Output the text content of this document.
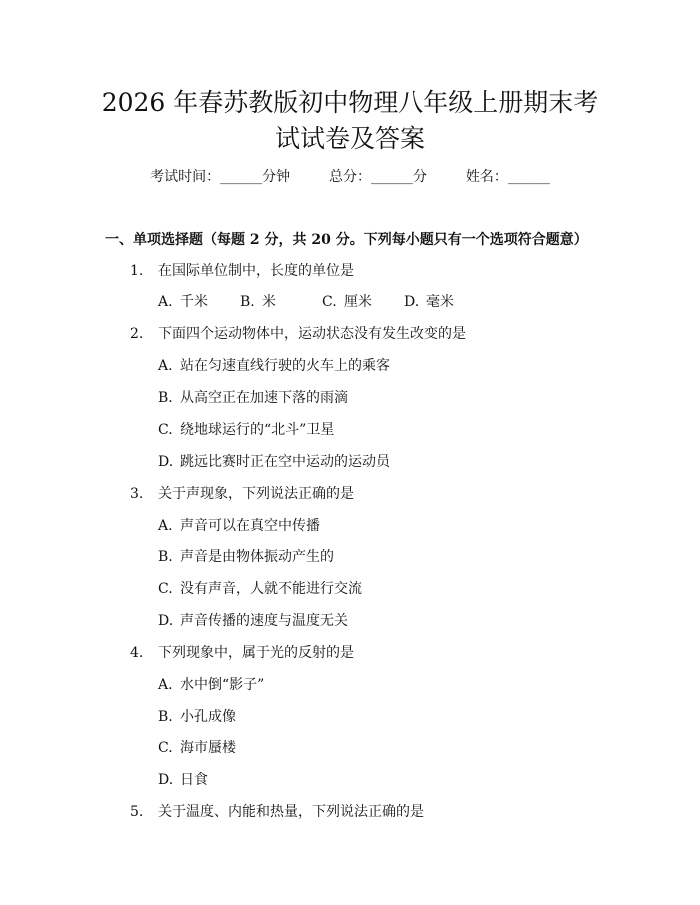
2026 年春苏教版初中物理八年级上册期末考
试试卷及答案
考试时间：______分钟	总分：______分	姓名：______
一、单项选择题（每题 2 分，共 20 分。下列每小题只有一个选项符合题意）
1. 在国际单位制中，长度的单位是
A. 千米 B. 米	C. 厘米 D. 毫米
2. 下面四个运动物体中，运动状态没有发生改变的是
A. 站在匀速直线行驶的火车上的乘客
B. 从高空正在加速下落的雨滴
C. 绕地球运行的“北斗”卫星
D. 跳远比赛时正在空中运动的运动员
3. 关于声现象，下列说法正确的是
A. 声音可以在真空中传播
B. 声音是由物体振动产生的
C. 没有声音，人就不能进行交流
D. 声音传播的速度与温度无关
4. 下列现象中，属于光的反射的是
A. 水中倒“影子”
B. 小孔成像
C. 海市蜃楼
D. 日食
5. 关于温度、内能和热量，下列说法正确的是
